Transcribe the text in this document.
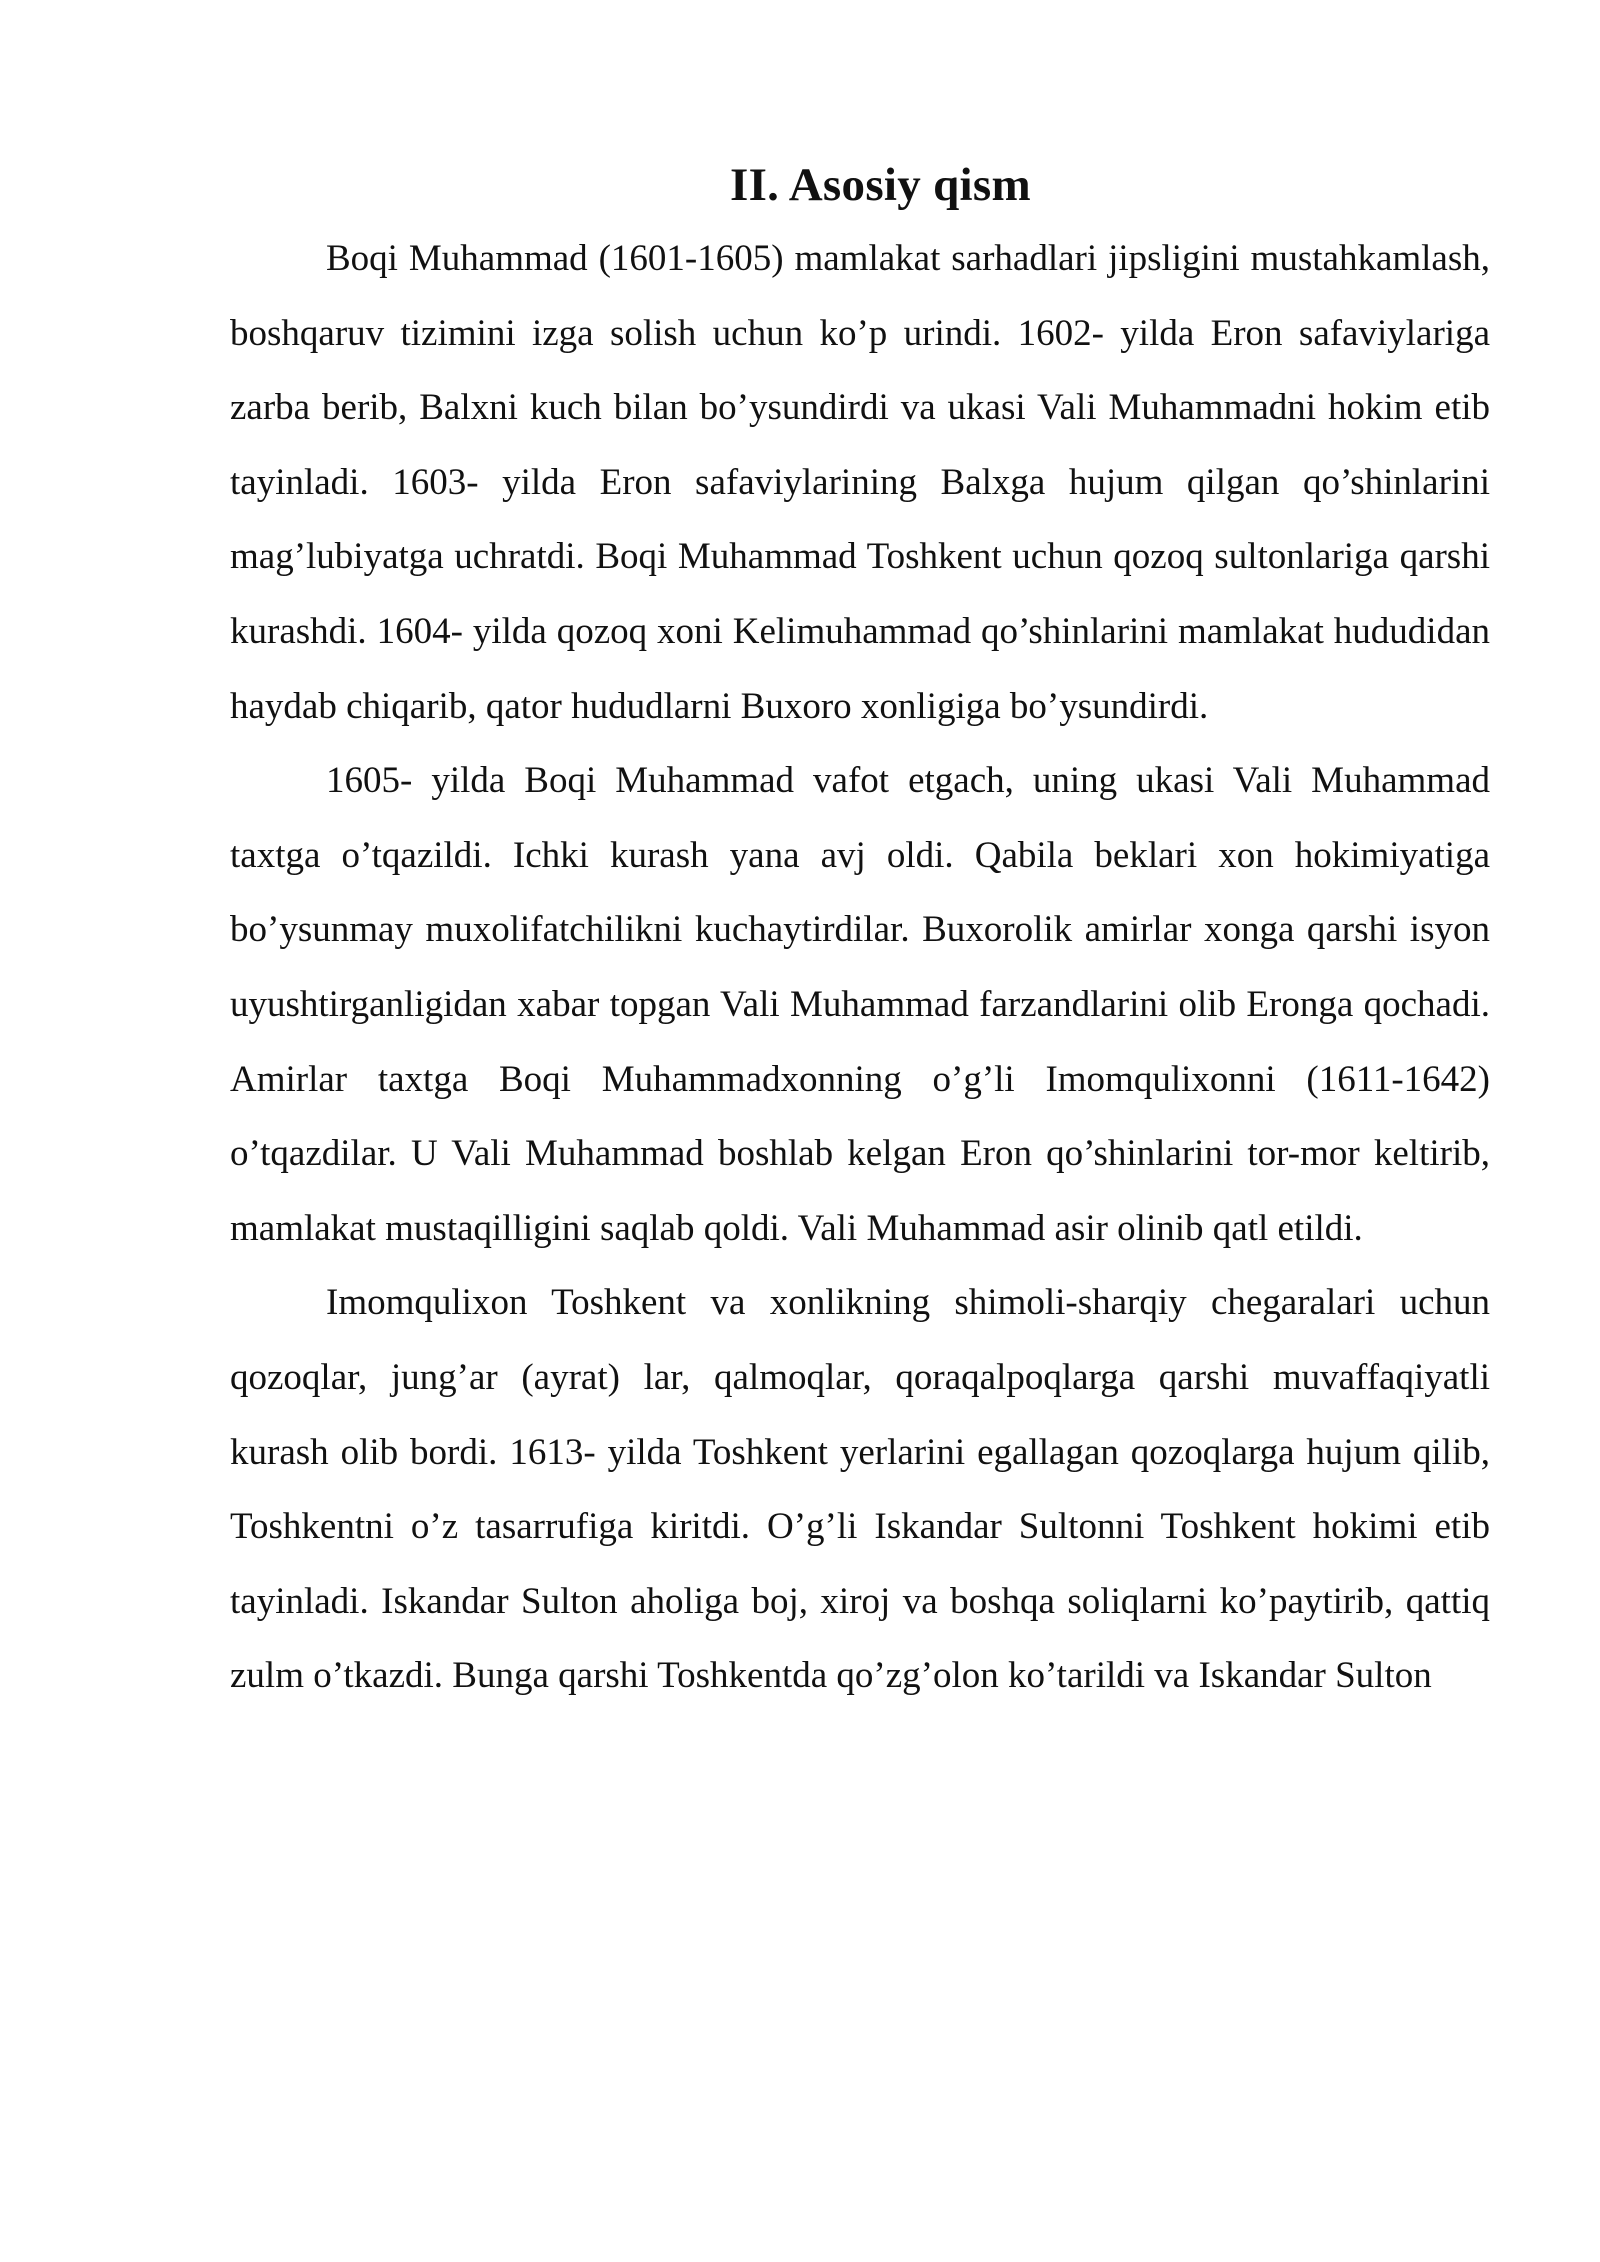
II. Asosiy qism

Boqi Muhammad (1601-1605) mamlakat sarhadlari jipsligini mustahkamlash, boshqaruv tizimini izga solish uchun ko’p urindi. 1602- yilda Eron safaviylariga zarba berib, Balxni kuch bilan bo’ysundirdi va ukasi Vali Muhammadni hokim etib tayinladi. 1603- yilda Eron safaviylarining Balxga hujum qilgan qo’shinlarini mag’lubiyatga uchratdi. Boqi Muhammad Toshkent uchun qozoq sultonlariga qarshi kurashdi. 1604- yilda qozoq xoni Kelimuhammad qo’shinlarini mamlakat hududidan haydab chiqarib, qator hududlarni Buxoro xonligiga bo’ysundirdi.

1605- yilda Boqi Muhammad vafot etgach, uning ukasi Vali Muhammad taxtga o’tqazildi. Ichki kurash yana avj oldi. Qabila beklari xon hokimiyatiga bo’ysunmay muxolifatchilikni kuchaytirdilar. Buxorolik amirlar xonga qarshi isyon uyushtirganligidan xabar topgan Vali Muhammad farzandlarini olib Eronga qochadi. Amirlar taxtga Boqi Muhammadxonning o’g’li Imomqulixonni (1611-1642) o’tqazdilar. U Vali Muhammad boshlab kelgan Eron qo’shinlarini tor-mor keltirib, mamlakat mustaqilligini saqlab qoldi. Vali Muhammad asir olinib qatl etildi.

Imomqulixon Toshkent va xonlikning shimoli-sharqiy chegaralari uchun qozoqlar, jung’ar (ayrat) lar, qalmoqlar, qoraqalpoqlarga qarshi muvaffaqiyatli kurash olib bordi. 1613- yilda Toshkent yerlarini egallagan qozoqlarga hujum qilib, Toshkentni o’z tasarrufiga kiritdi. O’g’li Iskandar Sultonni Toshkent hokimi etib tayinladi. Iskandar Sulton aholiga boj, xiroj va boshqa soliqlarni ko’paytirib, qattiq zulm o’tkazdi. Bunga qarshi Toshkentda qo’zg’olon ko’tarildi va Iskandar Sulton
